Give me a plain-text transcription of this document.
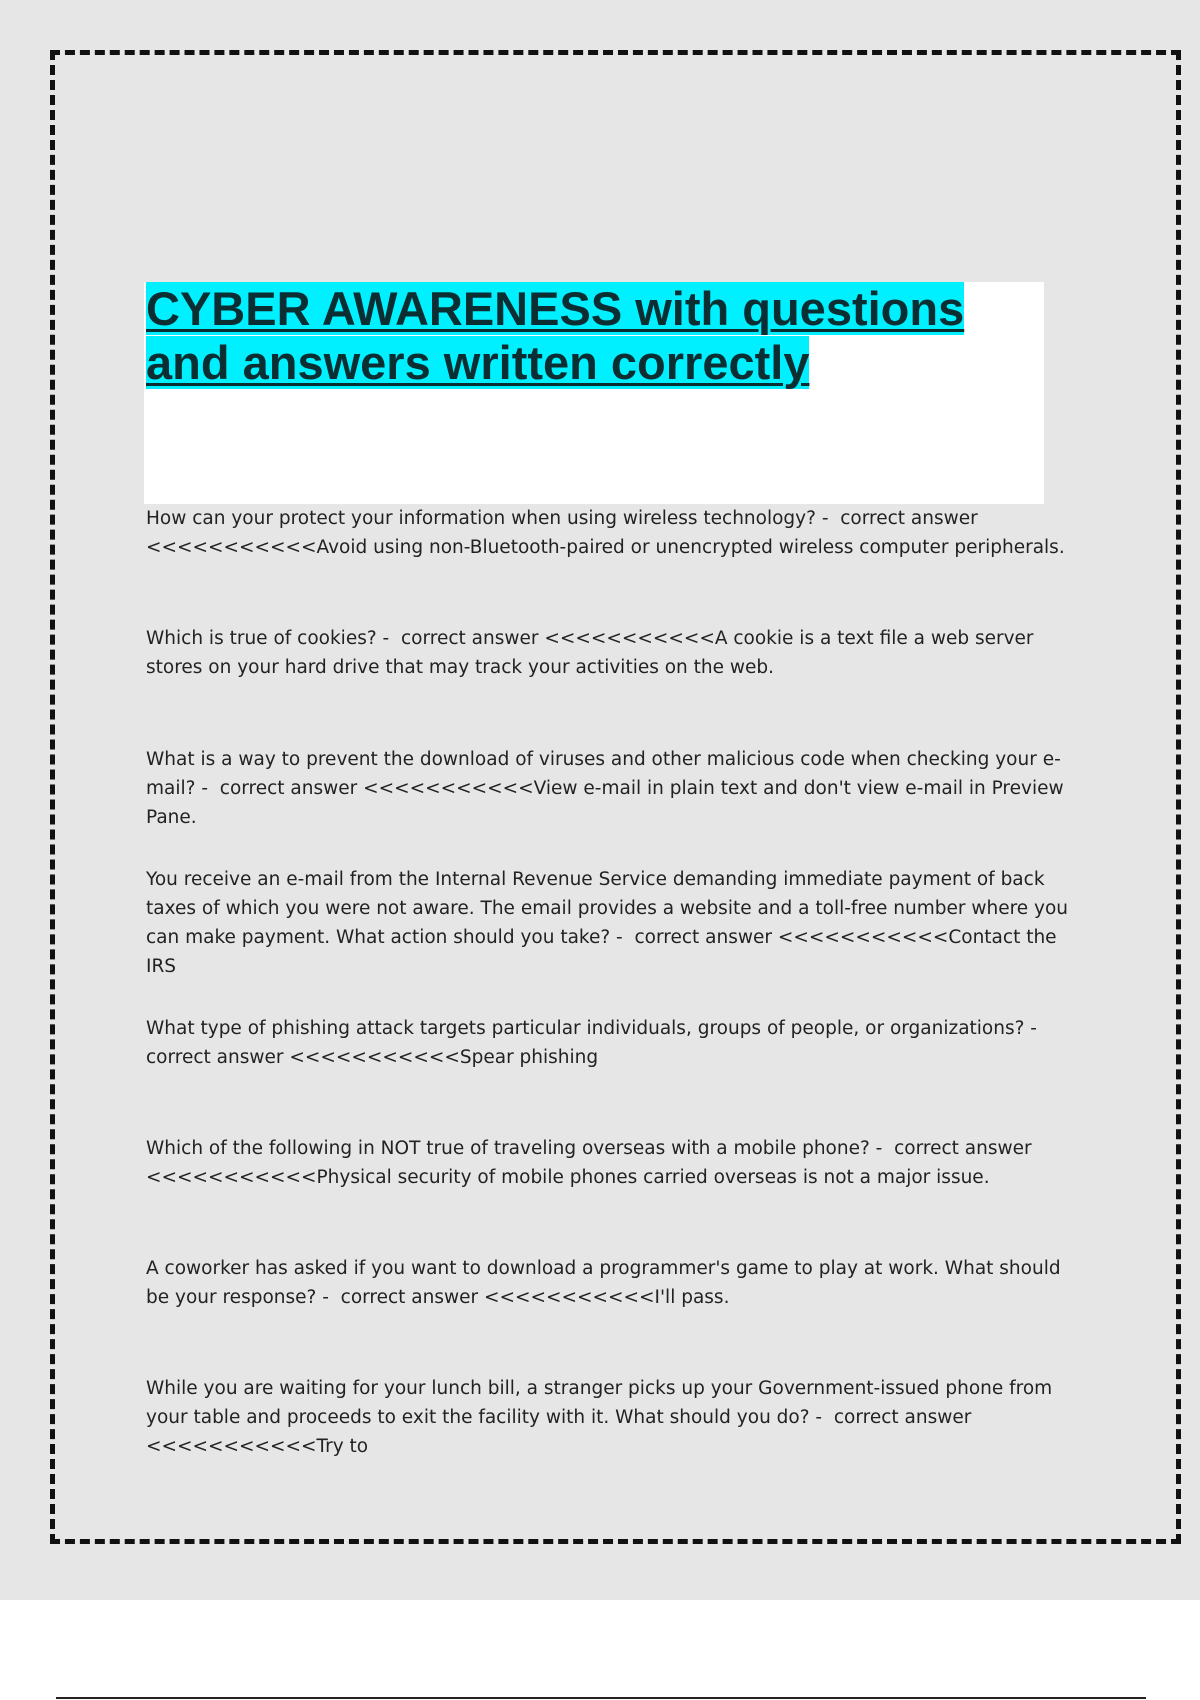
CYBER AWARENESS with questions
and answers written correctly

How can your protect your information when using wireless technology? -  correct answer <<<<<<<<<<<Avoid using non-Bluetooth-paired or unencrypted wireless computer peripherals.

Which is true of cookies? -  correct answer <<<<<<<<<<<A cookie is a text file a web server stores on your hard drive that may track your activities on the web.

What is a way to prevent the download of viruses and other malicious code when checking your e-mail? -  correct answer <<<<<<<<<<<View e-mail in plain text and don't view e-mail in Preview Pane.

You receive an e-mail from the Internal Revenue Service demanding immediate payment of back taxes of which you were not aware. The email provides a website and a toll-free number where you can make payment. What action should you take? -  correct answer <<<<<<<<<<<Contact the IRS

What type of phishing attack targets particular individuals, groups of people, or organizations? -  correct answer <<<<<<<<<<<Spear phishing

Which of the following in NOT true of traveling overseas with a mobile phone? -  correct answer <<<<<<<<<<<Physical security of mobile phones carried overseas is not a major issue.

A coworker has asked if you want to download a programmer's game to play at work. What should be your response? -  correct answer <<<<<<<<<<<I'll pass.

While you are waiting for your lunch bill, a stranger picks up your Government-issued phone from your table and proceeds to exit the facility with it. What should you do? -  correct answer <<<<<<<<<<<Try to
